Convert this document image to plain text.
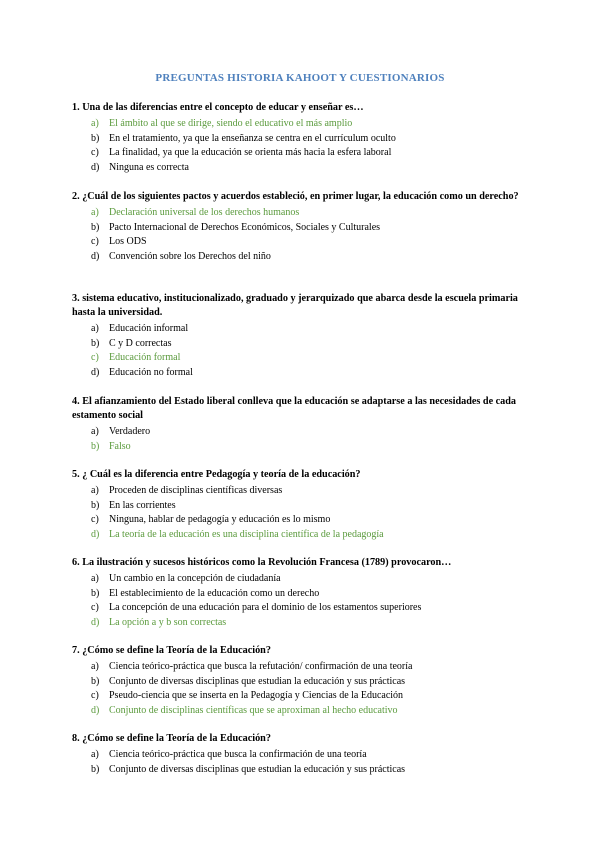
PREGUNTAS HISTORIA KAHOOT Y CUESTIONARIOS

1. Una de las diferencias entre el concepto de educar y enseñar es…

a) El ámbito al que se dirige, siendo el educativo el más amplio
b) En el tratamiento, ya que la enseñanza se centra en el currículum oculto
c) La finalidad, ya que la educación se orienta más hacia la esfera laboral
d) Ninguna es correcta

2. ¿Cuál de los siguientes pactos y acuerdos estableció, en primer lugar, la educación como un derecho?

a) Declaración universal de los derechos humanos
b) Pacto Internacional de Derechos Económicos, Sociales y Culturales
c) Los ODS
d) Convención sobre los Derechos del niño

3. sistema educativo, institucionalizado, graduado y jerarquizado que abarca desde la escuela primaria hasta la universidad.

a) Educación informal
b) C y D correctas
c) Educación formal
d) Educación no formal

4. El afianzamiento del Estado liberal conlleva que la educación se adaptarse a las necesidades de cada estamento social

a) Verdadero
b) Falso

5. ¿ Cuál es la diferencia entre Pedagogía y teoría de la educación?

a) Proceden de disciplinas científicas diversas
b) En las corrientes
c) Ninguna, hablar de pedagogía y educación es lo mismo
d) La teoría de la educación es una disciplina científica de la pedagogía

6. La ilustración y sucesos históricos como la Revolución Francesa (1789) provocaron…

a) Un cambio en la concepción de ciudadanía
b) El establecimiento de la educación como un derecho
c) La concepción de una educación para el dominio de los estamentos superiores
d) La opción a y b son correctas

7. ¿Cómo se define la Teoría de la Educación?

a) Ciencia teórico-práctica que busca la refutación/ confirmación de una teoría
b) Conjunto de diversas disciplinas que estudian la educación y sus prácticas
c) Pseudo-ciencia que se inserta en la Pedagogía y Ciencias de la Educación
d) Conjunto de disciplinas científicas que se aproximan al hecho educativo

8. ¿Cómo se define la Teoría de la Educación?

a) Ciencia teórico-práctica que busca la confirmación de una teoría
b) Conjunto de diversas disciplinas que estudian la educación y sus prácticas
